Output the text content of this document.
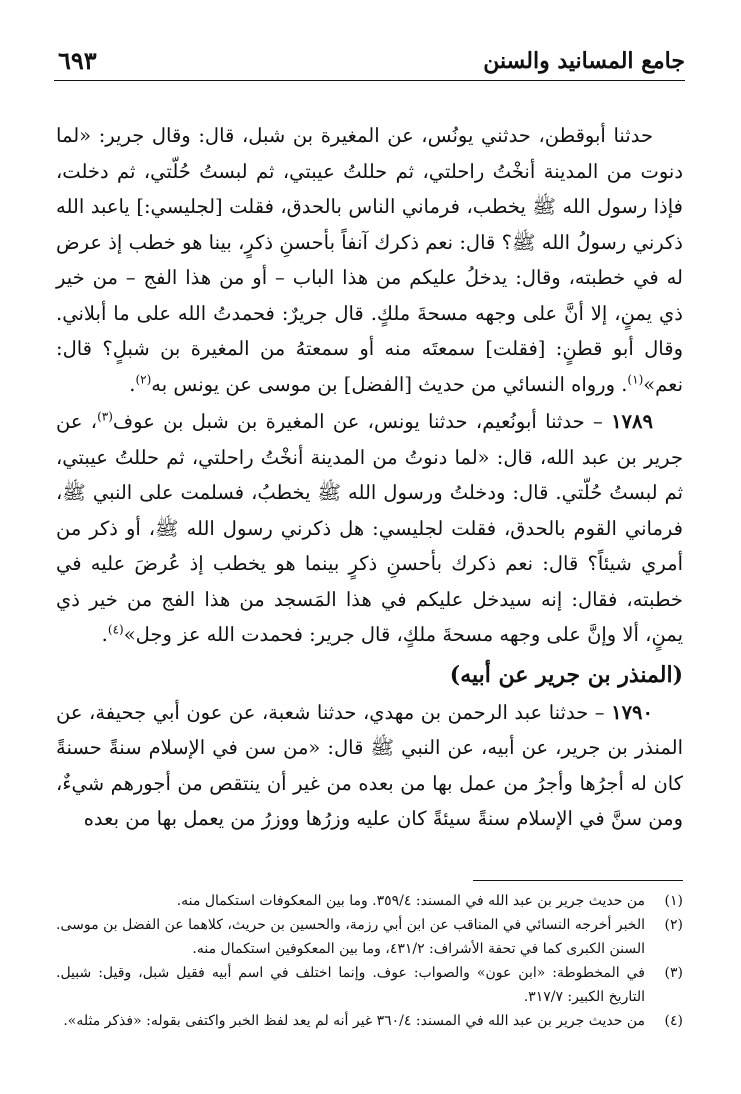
جامع المسانيد والسنن
٦٩٣

حدثنا أبوقطن، حدثني يونُس، عن المغيرة بن شبل، قال: وقال جرير: «لما دنوت من المدينة أنخْتُ راحلتي، ثم حللتُ عيبتي، ثم لبستُ حُلّتي، ثم دخلت، فإذا رسول الله ﷺ يخطب، فرماني الناس بالحدق، فقلت [لجليسي:] ياعبد الله ذكرني رسولُ الله ﷺ؟ قال: نعم ذكرك آنفاً بأحسنِ ذكرٍ، بينا هو خطب إذ عرض له في خطبته، وقال: يدخلُ عليكم من هذا الباب – أو من هذا الفج – من خير ذي يمنٍ، إلا أنَّ على وجهه مسحةَ ملكٍ. قال جريرٌ: فحمدتُ الله على ما أبلاني. وقال أبو قطنٍ: [فقلت] سمعتَه منه أو سمعتهُ من المغيرة بن شبلٍ؟ قال: نعم»$^{(١)}$. ورواه النسائي من حديث [الفضل] بن موسى عن يونس به$^{(٢)}$.

١٧٨٩ – حدثنا أبونُعيم، حدثنا يونس، عن المغيرة بن شبل بن عوف$^{(٣)}$، عن جرير بن عبد الله، قال: «لما دنوتُ من المدينة أنخْتُ راحلتي، ثم حللتُ عيبتي، ثم لبستُ حُلّتي. قال: ودخلتُ ورسول الله ﷺ يخطبُ، فسلمت على النبي ﷺ، فرماني القوم بالحدق، فقلت لجليسي: هل ذكرني رسول الله ﷺ، أو ذكر من أمري شيئاً؟ قال: نعم ذكرك بأحسنِ ذكرٍ بينما هو يخطب إذ عُرضَ عليه في خطبته، فقال: إنه سيدخل عليكم في هذا المَسجد من هذا الفج من خير ذي يمنٍ، ألا وإنَّ على وجهه مسحةَ ملكٍ، قال جرير: فحمدت الله عز وجل»$^{(٤)}$.

(المنذر بن جرير عن أبيه)

١٧٩٠ – حدثنا عبد الرحمن بن مهدي، حدثنا شعبة، عن عون أبي جحيفة، عن المنذر بن جرير، عن أبيه، عن النبي ﷺ قال: «من سن في الإسلام سنةً حسنةً كان له أجرُها وأجرُ من عمل بها من بعده من غير أن ينتقص من أجورهم شيءٌ، ومن سنَّ في الإسلام سنةً سيئةً كان عليه وزرُها ووزرُ من يعمل بها من بعده

(١)
من حديث جرير بن عبد الله في المسند: ٣٥٩/٤. وما بين المعكوفات استكمال منه.
(٢)
الخبر أخرجه النسائي في المناقب عن ابن أبي رزمة، والحسين بن حريث، كلاهما عن الفضل بن موسى. السنن الكبرى كما في تحفة الأشراف: ٤٣١/٢، وما بين المعكوفين استكمال منه.
(٣)
في المخطوطة: «ابن عون» والصواب: عوف. وإنما اختلف في اسم أبيه فقيل شبل، وقيل: شبيل. التاريخ الكبير: ٣١٧/٧.
(٤)
من حديث جرير بن عبد الله في المسند: ٣٦٠/٤ غير أنه لم يعد لفظ الخبر واكتفى بقوله: «فذكر مثله».
